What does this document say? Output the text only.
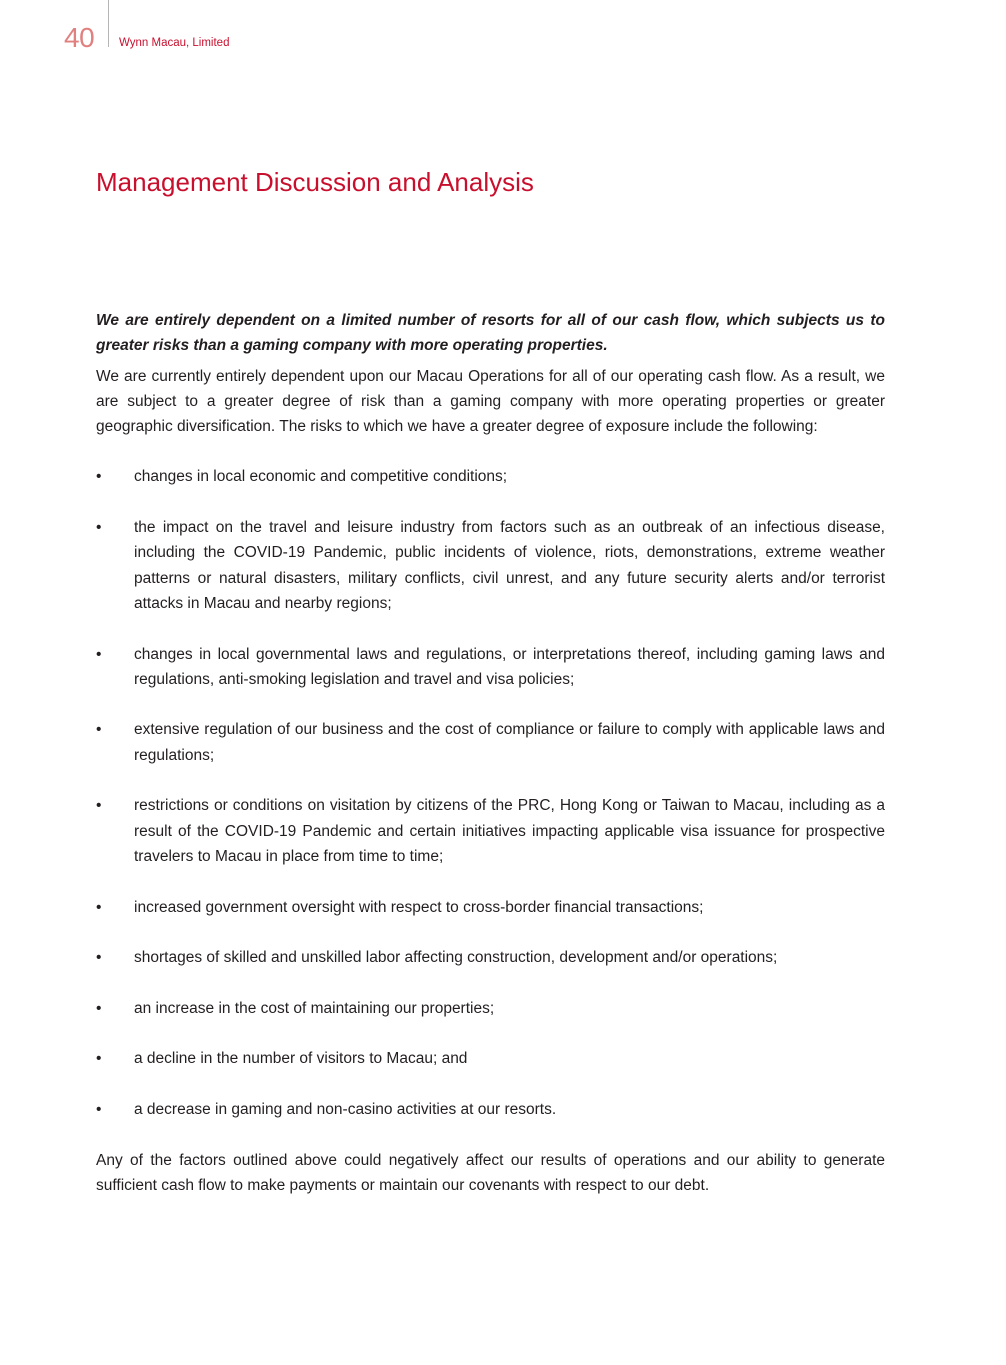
40 Wynn Macau, Limited
Management Discussion and Analysis

We are entirely dependent on a limited number of resorts for all of our cash flow, which subjects us to greater risks than a gaming company with more operating properties.

We are currently entirely dependent upon our Macau Operations for all of our operating cash flow. As a result, we are subject to a greater degree of risk than a gaming company with more operating properties or greater geographic diversification. The risks to which we have a greater degree of exposure include the following:

• changes in local economic and competitive conditions;
• the impact on the travel and leisure industry from factors such as an outbreak of an infectious disease, including the COVID-19 Pandemic, public incidents of violence, riots, demonstrations, extreme weather patterns or natural disasters, military conflicts, civil unrest, and any future security alerts and/or terrorist attacks in Macau and nearby regions;
• changes in local governmental laws and regulations, or interpretations thereof, including gaming laws and regulations, anti-smoking legislation and travel and visa policies;
• extensive regulation of our business and the cost of compliance or failure to comply with applicable laws and regulations;
• restrictions or conditions on visitation by citizens of the PRC, Hong Kong or Taiwan to Macau, including as a result of the COVID-19 Pandemic and certain initiatives impacting applicable visa issuance for prospective travelers to Macau in place from time to time;
• increased government oversight with respect to cross-border financial transactions;
• shortages of skilled and unskilled labor affecting construction, development and/or operations;
• an increase in the cost of maintaining our properties;
• a decline in the number of visitors to Macau; and
• a decrease in gaming and non-casino activities at our resorts.

Any of the factors outlined above could negatively affect our results of operations and our ability to generate sufficient cash flow to make payments or maintain our covenants with respect to our debt.
